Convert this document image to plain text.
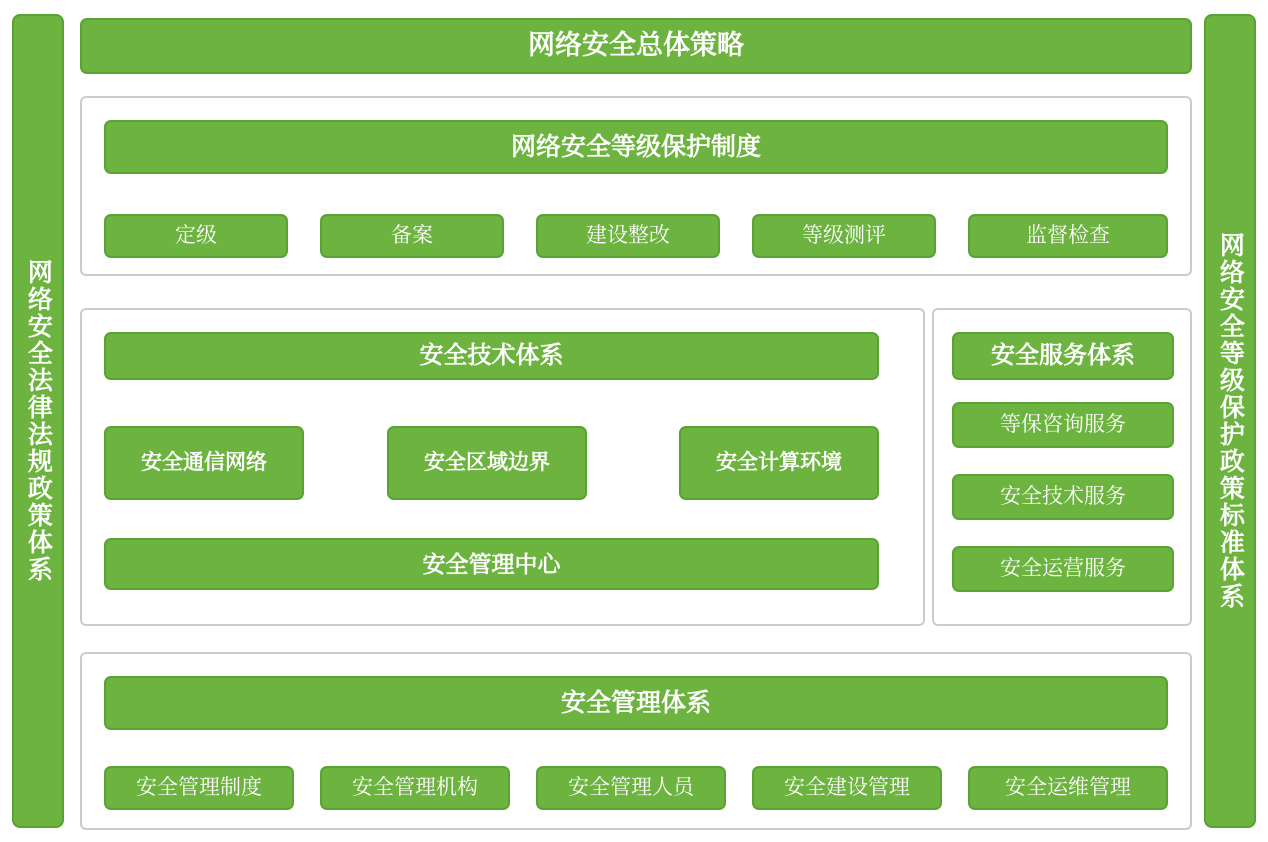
网络安全法律法规政策体系	网络安全等级保护政策标准体系
网络安全总体策略
网络安全等级保护制度
定级	备案	建设整改	等级测评	监督检查
安全技术体系
安全通信网络	安全区域边界	安全计算环境
安全管理中心
安全服务体系
等保咨询服务
安全技术服务
安全运营服务
安全管理体系
安全管理制度	安全管理机构	安全管理人员	安全建设管理	安全运维管理
